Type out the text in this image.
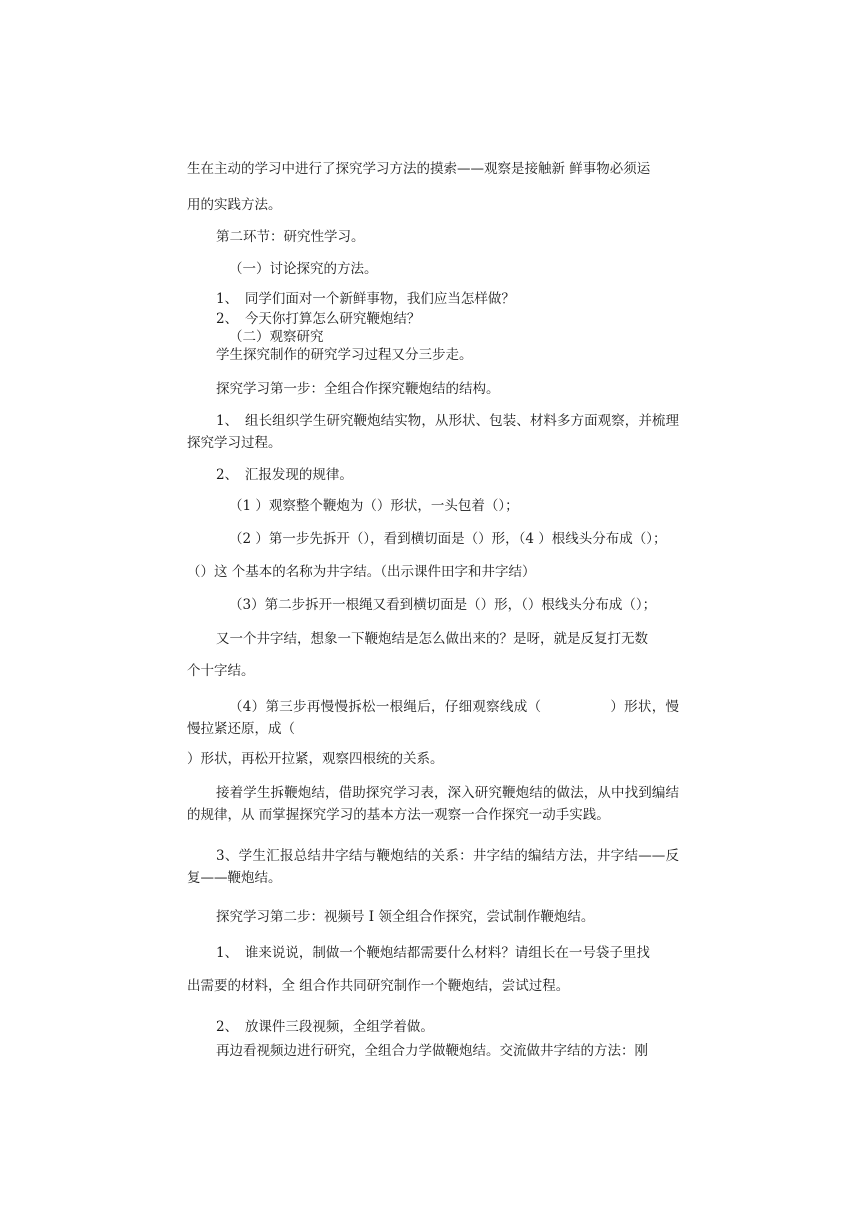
生在主动的学习中进行了探究学习方法的摸索——观察是接触新 鲜事物必须运

用的实践方法。

第二环节：研究性学习。

（一）讨论探究的方法。

1、　同学们面对一个新鲜事物，我们应当怎样做？

2、　今天你打算怎么研究鞭炮结？

（二）观察研究

学生探究制作的研究学习过程又分三步走。

探究学习第一步：全组合作探究鞭炮结的结构。

1、　组长组织学生研究鞭炮结实物，从形状、包装、材料多方面观察，并梳理探究学习过程。

2、　汇报发现的规律。

（1 ）观察整个鞭炮为（）形状，一头包着（）；

（2 ）第一步先拆开（），看到横切面是（）形，（4 ）根线头分布成（）；

（）这 个基本的名称为井字结。（出示课件田字和井字结）

（3）第二步拆开一根绳又看到横切面是（）形，（）根线头分布成（）；

又一个井字结，想象一下鞭炮结是怎么做出来的？是呀，就是反复打无数

个十字结。

（4）第三步再慢慢拆松一根绳后，仔细观察线成（　　　　　）形状，慢慢拉紧还原，成（

）形状，再松开拉紧，观察四根统的关系。

接着学生拆鞭炮结，借助探究学习表，深入研究鞭炮结的做法，从中找到编结的规律，从 而掌握探究学习的基本方法一观察一合作探究一动手实践。

3、学生汇报总结井字结与鞭炮结的关系：井字结的编结方法，井字结——反复——鞭炮结。

探究学习第二步：视频号 I 领全组合作探究，尝试制作鞭炮结。

1、　谁来说说，制做一个鞭炮结都需要什么材料？请组长在一号袋子里找

出需要的材料，全 组合作共同研究制作一个鞭炮结，尝试过程。

2、　放课件三段视频，全组学着做。

再边看视频边进行研究，全组合力学做鞭炮结。交流做井字结的方法：刚
